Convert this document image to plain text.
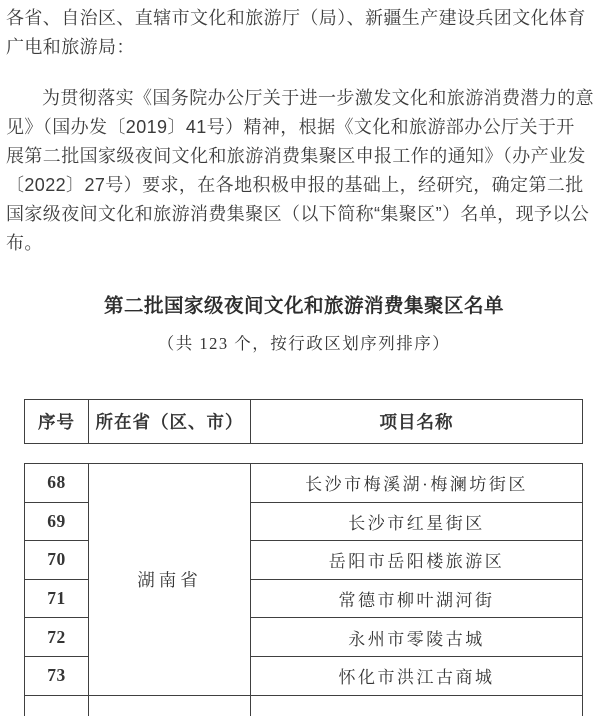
各省、自治区、直辖市文化和旅游厅（局）、新疆生产建设兵团文化体育
广电和旅游局：
为贯彻落实《国务院办公厅关于进一步激发文化和旅游消费潜力的意
见》（国办发〔2019〕41号）精神，根据《文化和旅游部办公厅关于开
展第二批国家级夜间文化和旅游消费集聚区申报工作的通知》（办产业发
〔2022〕27号）要求，在各地积极申报的基础上，经研究，确定第二批
国家级夜间文化和旅游消费集聚区（以下简称“集聚区”）名单，现予以公
布。
第二批国家级夜间文化和旅游消费集聚区名单
（共 123 个，按行政区划序列排序）
序号	所在省（区、市）	项目名称
68	湖南省	长沙市梅溪湖·梅澜坊街区
69		长沙市红星街区
70		岳阳市岳阳楼旅游区
71		常德市柳叶湖河街
72		永州市零陵古城
73		怀化市洪江古商城
